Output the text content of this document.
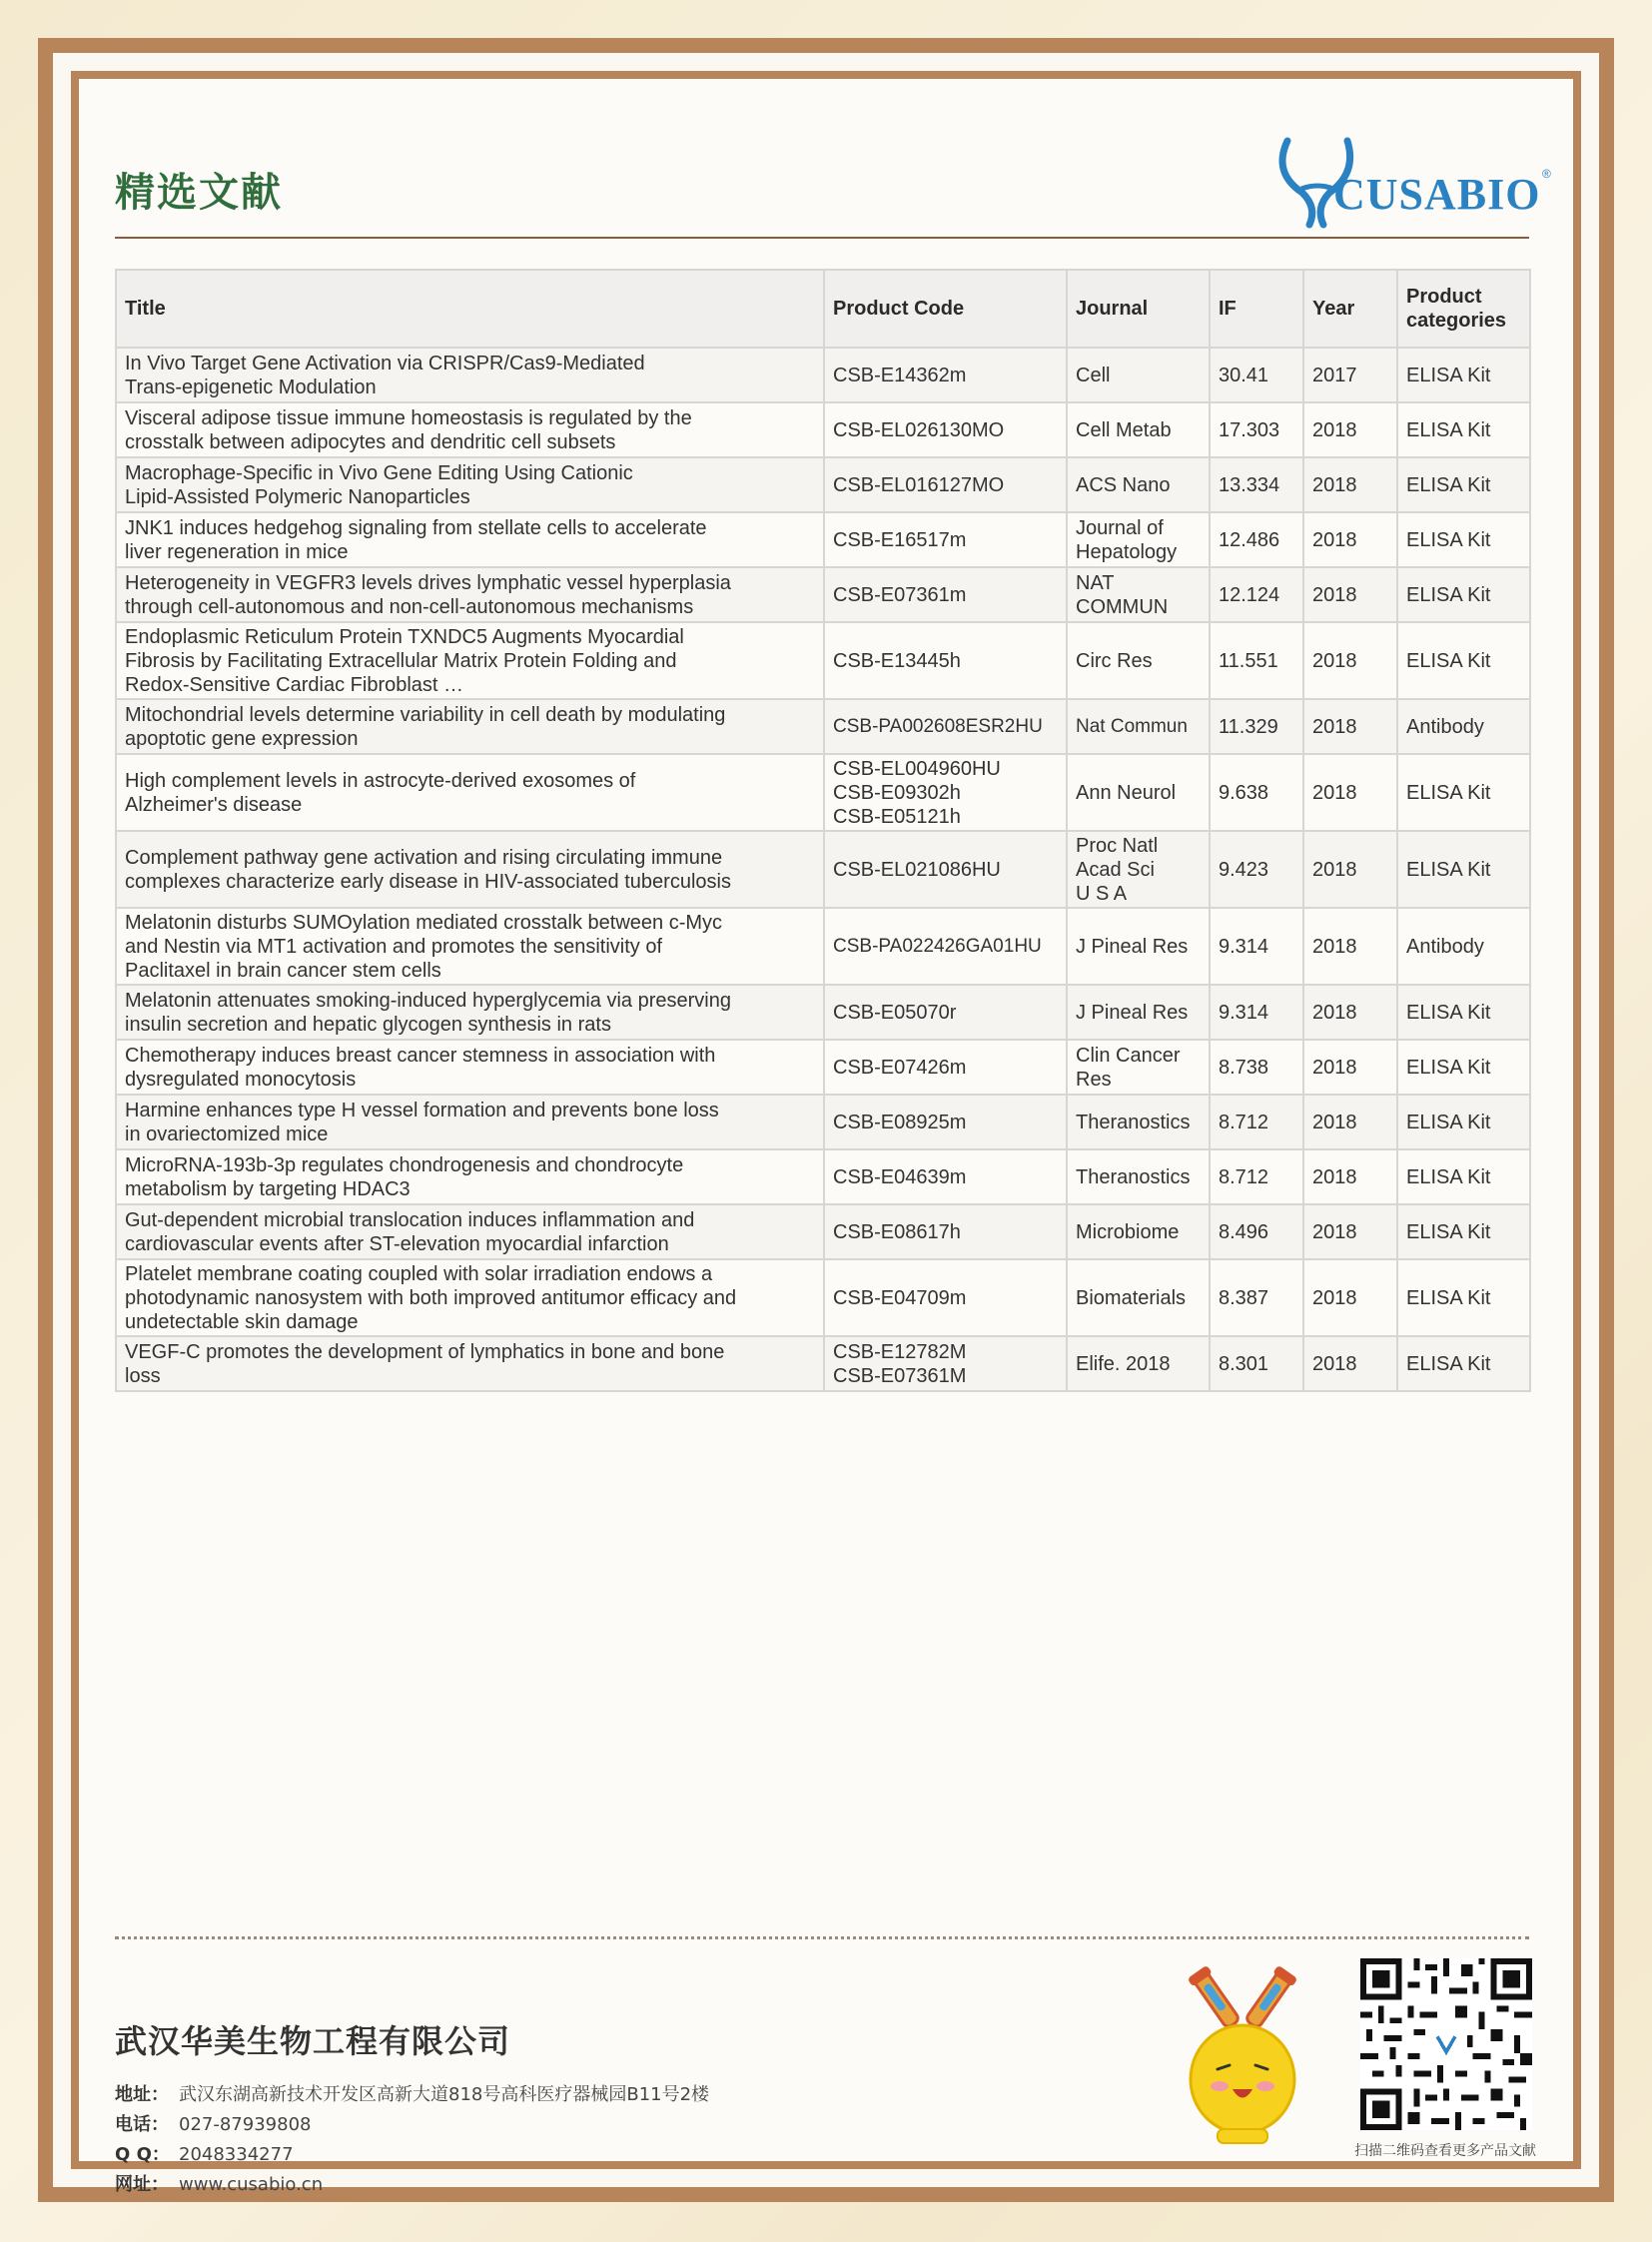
精选文献	CUSABIO ®
Title	Product Code	Journal	IF	Year	Product
categories

In Vivo Target Gene Activation via CRISPR/Cas9-Mediated
Trans-epigenetic Modulation	CSB-E14362m	Cell	30.41	2017	ELISA Kit

Visceral adipose tissue immune homeostasis is regulated by the
crosstalk between adipocytes and dendritic cell subsets	CSB-EL026130MO	Cell Metab	17.303	2018	ELISA Kit

Macrophage-Specific in Vivo Gene Editing Using Cationic
Lipid-Assisted Polymeric Nanoparticles	CSB-EL016127MO	ACS Nano	13.334	2018	ELISA Kit

JNK1 induces hedgehog signaling from stellate cells to accelerate
liver regeneration in mice	CSB-E16517m	Journal of
Hepatology	12.486	2018	ELISA Kit

Heterogeneity in VEGFR3 levels drives lymphatic vessel hyperplasia
through cell-autonomous and non-cell-autonomous mechanisms	CSB-E07361m	NAT
COMMUN	12.124	2018	ELISA Kit

Endoplasmic Reticulum Protein TXNDC5 Augments Myocardial
Fibrosis by Facilitating Extracellular Matrix Protein Folding and
Redox-Sensitive Cardiac Fibroblast …	CSB-E13445h	Circ Res	11.551	2018	ELISA Kit

Mitochondrial levels determine variability in cell death by modulating
apoptotic gene expression	CSB-PA002608ESR2HU	Nat Commun	11.329	2018	Antibody

High complement levels in astrocyte-derived exosomes of
Alzheimer's disease	CSB-EL004960HU
CSB-E09302h
CSB-E05121h	Ann Neurol	9.638	2018	ELISA Kit

Complement pathway gene activation and rising circulating immune
complexes characterize early disease in HIV-associated tuberculosis	CSB-EL021086HU	Proc Natl
Acad Sci
U S A	9.423	2018	ELISA Kit

Melatonin disturbs SUMOylation mediated crosstalk between c-Myc
and Nestin via MT1 activation and promotes the sensitivity of
Paclitaxel in brain cancer stem cells	CSB-PA022426GA01HU	J Pineal Res	9.314	2018	Antibody

Melatonin attenuates smoking-induced hyperglycemia via preserving
insulin secretion and hepatic glycogen synthesis in rats	CSB-E05070r	J Pineal Res	9.314	2018	ELISA Kit

Chemotherapy induces breast cancer stemness in association with
dysregulated monocytosis	CSB-E07426m	Clin Cancer
Res	8.738	2018	ELISA Kit

Harmine enhances type H vessel formation and prevents bone loss
in ovariectomized mice	CSB-E08925m	Theranostics	8.712	2018	ELISA Kit

MicroRNA-193b-3p regulates chondrogenesis and chondrocyte
metabolism by targeting HDAC3	CSB-E04639m	Theranostics	8.712	2018	ELISA Kit

Gut-dependent microbial translocation induces inflammation and
cardiovascular events after ST-elevation myocardial infarction	CSB-E08617h	Microbiome	8.496	2018	ELISA Kit

Platelet membrane coating coupled with solar irradiation endows a
photodynamic nanosystem with both improved antitumor efficacy and
undetectable skin damage	CSB-E04709m	Biomaterials	8.387	2018	ELISA Kit

VEGF-C promotes the development of lymphatics in bone and bone
loss	CSB-E12782M
CSB-E07361M	Elife. 2018	8.301	2018	ELISA Kit
武汉华美生物工程有限公司
地址： 武汉东湖高新技术开发区高新大道818号高科医疗器械园B11号2楼
电话： 027-87939808
Q Q： 2048334277
网址： www.cusabio.cn
扫描二维码查看更多产品文献
